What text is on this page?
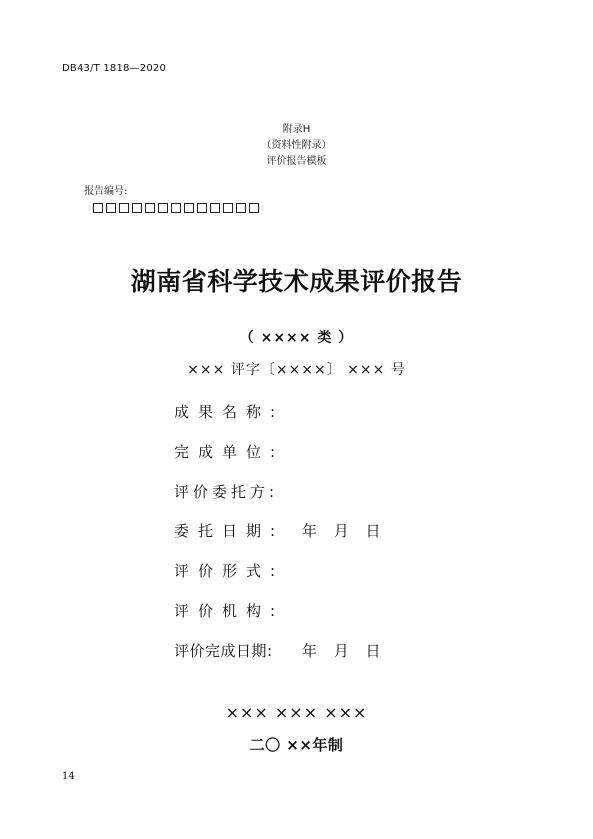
DB43/T 1818—2020
附录H
（资料性附录）
评价报告模板
报告编号:
湖南省科学技术成果评价报告
（ ×××× 类 ）
××× 评字〔××××〕 ××× 号
成果名称:
完成单位:
评价委托方:
委托日期: 年 月 日
评价形式:
评价机构:
评价完成日期: 年 月 日
××× ××× ×××
二〇 ××年制
14
